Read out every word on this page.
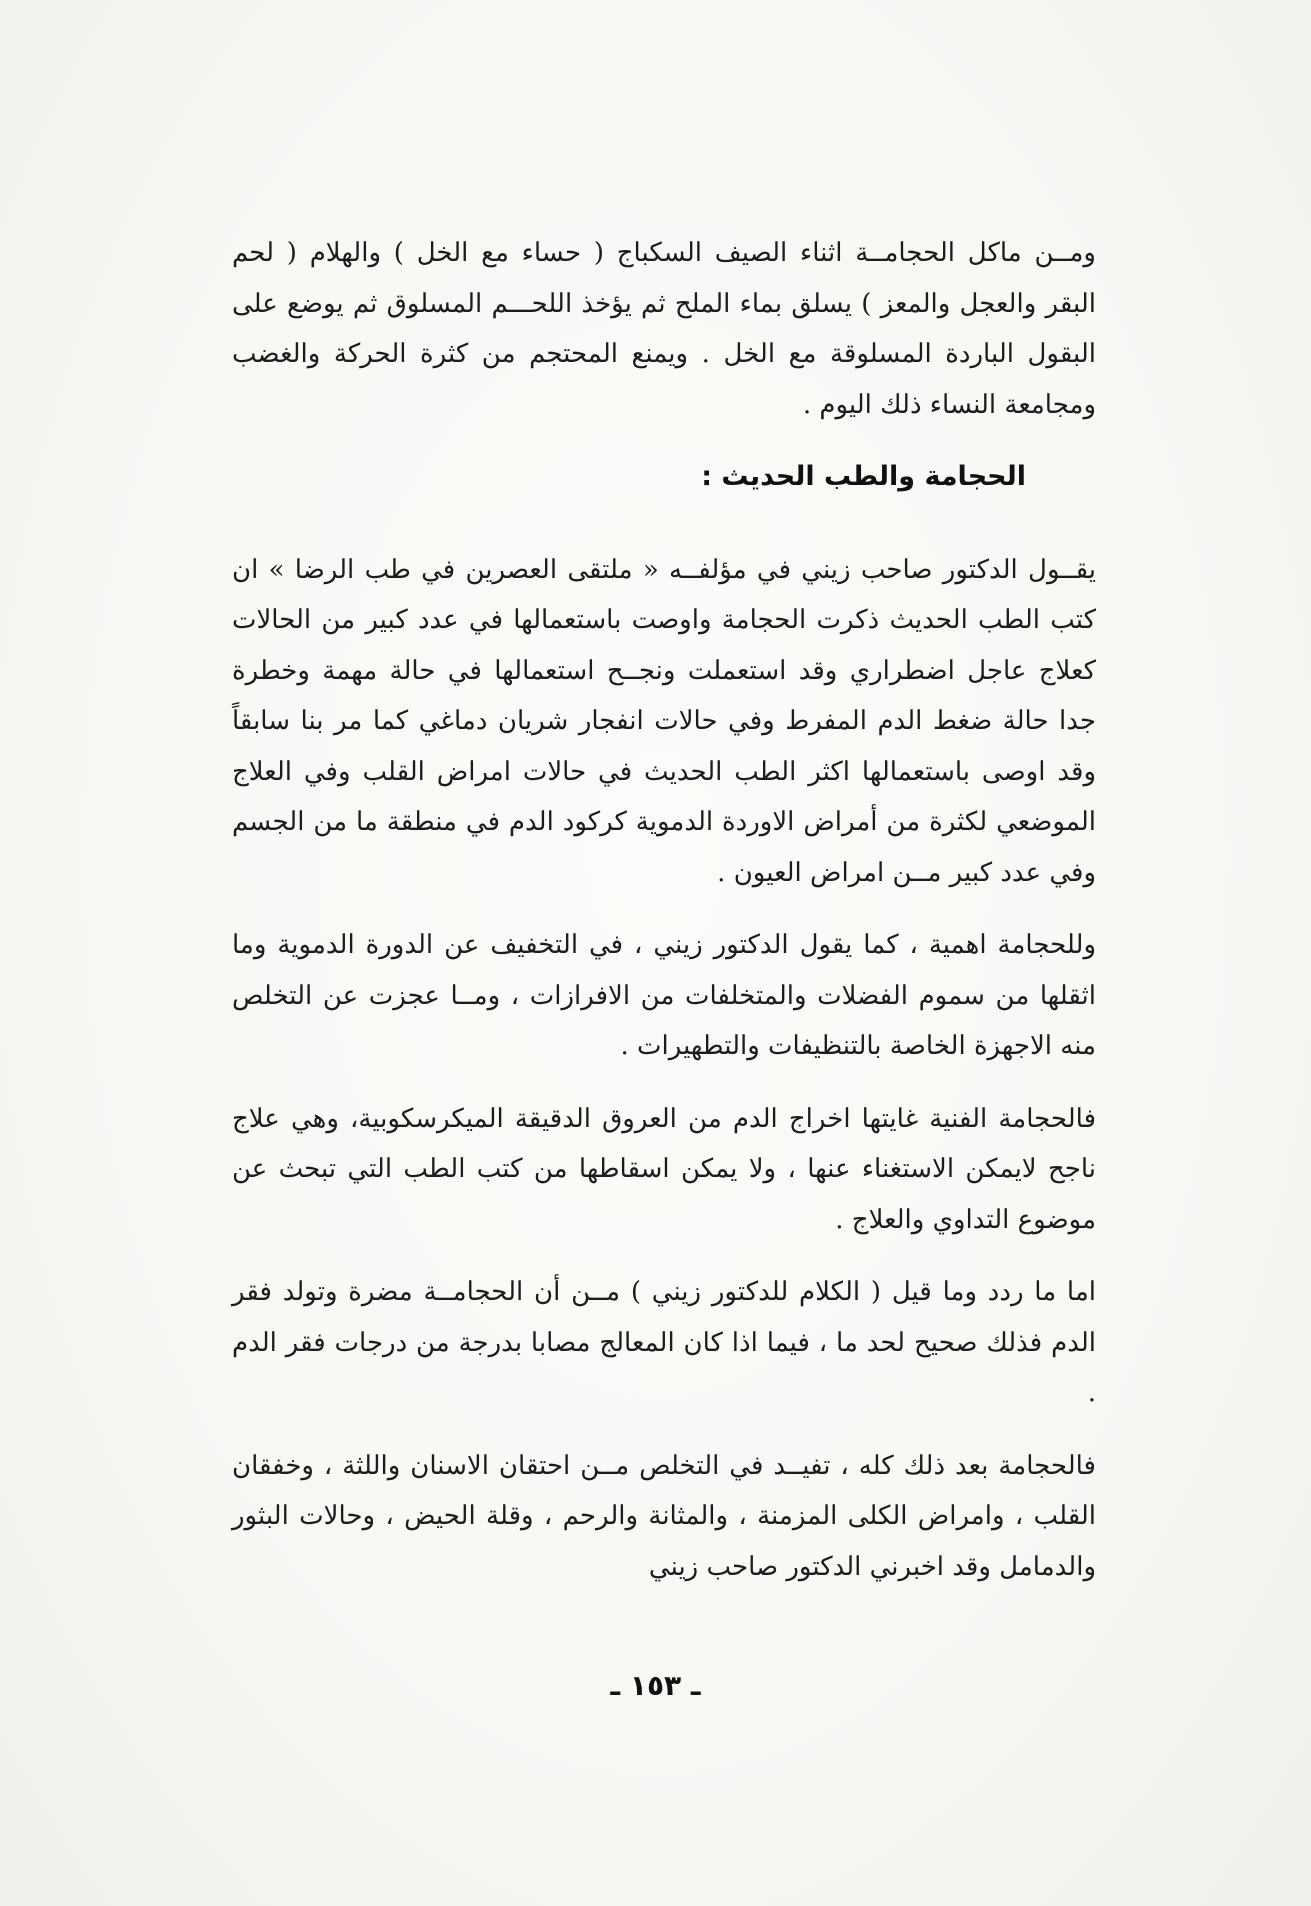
ومــن ماكل الحجامــة اثناء الصيف السكباج ( حساء مع الخل ) والهلام ( لحم البقر والعجل والمعز ) يسلق بماء الملح ثم يؤخذ اللحـــم المسلوق ثم يوضع على البقول الباردة المسلوقة مع الخل . ويمنع المحتجم من كثرة الحركة والغضب ومجامعة النساء ذلك اليوم .

الحجامة والطب الحديث :

يقــول الدكتور صاحب زيني في مؤلفــه « ملتقى العصرين في طب الرضا » ان كتب الطب الحديث ذكرت الحجامة واوصت باستعمالها في عدد كبير من الحالات كعلاج عاجل اضطراري وقد استعملت ونجــح استعمالها في حالة مهمة وخطرة جدا حالة ضغط الدم المفرط وفي حالات انفجار شريان دماغي كما مر بنا سابقاً وقد اوصى باستعمالها اكثر الطب الحديث في حالات امراض القلب وفي العلاج الموضعي لكثرة من أمراض الاوردة الدموية كركود الدم في منطقة ما من الجسم وفي عدد كبير مــن امراض العيون .

وللحجامة اهمية ، كما يقول الدكتور زيني ، في التخفيف عن الدورة الدموية وما اثقلها من سموم الفضلات والمتخلفات من الافرازات ، ومــا عجزت عن التخلص منه الاجهزة الخاصة بالتنظيفات والتطهيرات .

فالحجامة الفنية غايتها اخراج الدم من العروق الدقيقة الميكرسكوبية، وهي علاج ناجح لايمكن الاستغناء عنها ، ولا يمكن اسقاطها من كتب الطب التي تبحث عن موضوع التداوي والعلاج .

اما ما ردد وما قيل ( الكلام للدكتور زيني ) مــن أن الحجامــة مضرة وتولد فقر الدم فذلك صحيح لحد ما ، فيما اذا كان المعالج مصابا بدرجة من درجات فقر الدم .

فالحجامة بعد ذلك كله ، تفيــد في التخلص مــن احتقان الاسنان واللثة ، وخفقان القلب ، وامراض الكلى المزمنة ، والمثانة والرحم ، وقلة الحيض ، وحالات البثور والدمامل وقد اخبرني الدكتور صاحب زيني

ـ ١٥٣ ـ
